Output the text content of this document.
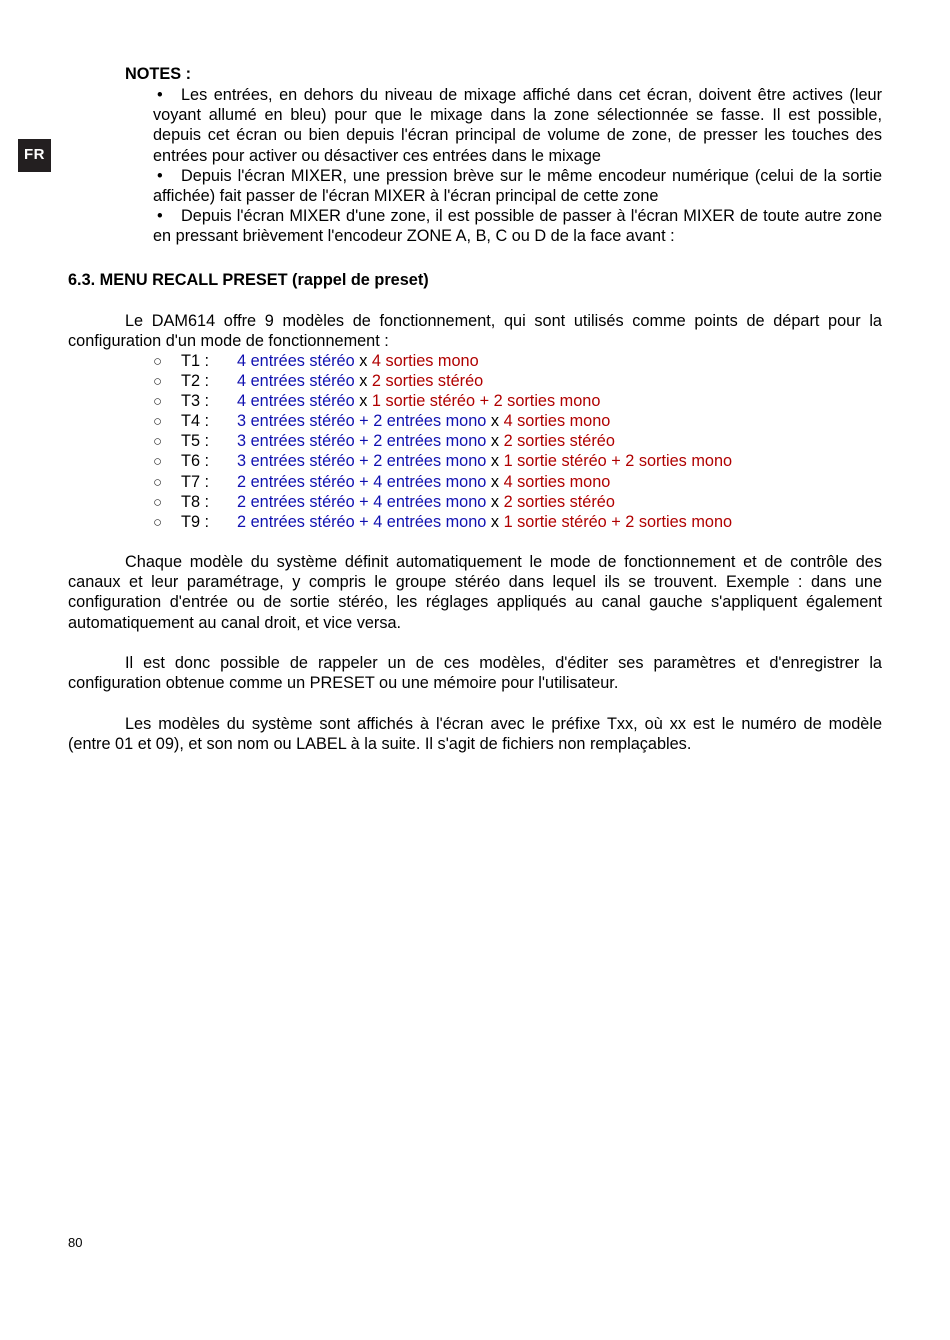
FR
NOTES :
• Les entrées, en dehors du niveau de mixage affiché dans cet écran, doivent être actives (leur voyant allumé en bleu) pour que le mixage dans la zone sélectionnée se fasse. Il est possible, depuis cet écran ou bien depuis l'écran principal de volume de zone, de presser les touches des entrées pour activer ou désactiver ces entrées dans le mixage
• Depuis l'écran MIXER, une pression brève sur le même encodeur numérique (celui de la sortie affichée) fait passer de l'écran MIXER à l'écran principal de cette zone
• Depuis l'écran MIXER d'une zone, il est possible de passer à l'écran MIXER de toute autre zone en pressant brièvement l'encodeur ZONE A, B, C ou D de la face avant :
6.3. MENU RECALL PRESET (rappel de preset)
Le DAM614 offre 9 modèles de fonctionnement, qui sont utilisés comme points de départ pour la configuration d'un mode de fonctionnement :
○ T1 : 4 entrées stéréo x 4 sorties mono
○ T2 : 4 entrées stéréo x 2 sorties stéréo
○ T3 : 4 entrées stéréo x 1 sortie stéréo + 2 sorties mono
○ T4 : 3 entrées stéréo + 2 entrées mono x 4 sorties mono
○ T5 : 3 entrées stéréo + 2 entrées mono x 2 sorties stéréo
○ T6 : 3 entrées stéréo + 2 entrées mono x 1 sortie stéréo + 2 sorties mono
○ T7 : 2 entrées stéréo + 4 entrées mono x 4 sorties mono
○ T8 : 2 entrées stéréo + 4 entrées mono x 2 sorties stéréo
○ T9 : 2 entrées stéréo + 4 entrées mono x 1 sortie stéréo + 2 sorties mono
Chaque modèle du système définit automatiquement le mode de fonctionnement et de contrôle des canaux et leur paramétrage, y compris le groupe stéréo dans lequel ils se trouvent. Exemple : dans une configuration d'entrée ou de sortie stéréo, les réglages appliqués au canal gauche s'appliquent également automatiquement au canal droit, et vice versa.
Il est donc possible de rappeler un de ces modèles, d'éditer ses paramètres et d'enregistrer la configuration obtenue comme un PRESET ou une mémoire pour l'utilisateur.
Les modèles du système sont affichés à l'écran avec le préfixe Txx, où xx est le numéro de modèle (entre 01 et 09), et son nom ou LABEL à la suite. Il s'agit de fichiers non remplaçables.
80
